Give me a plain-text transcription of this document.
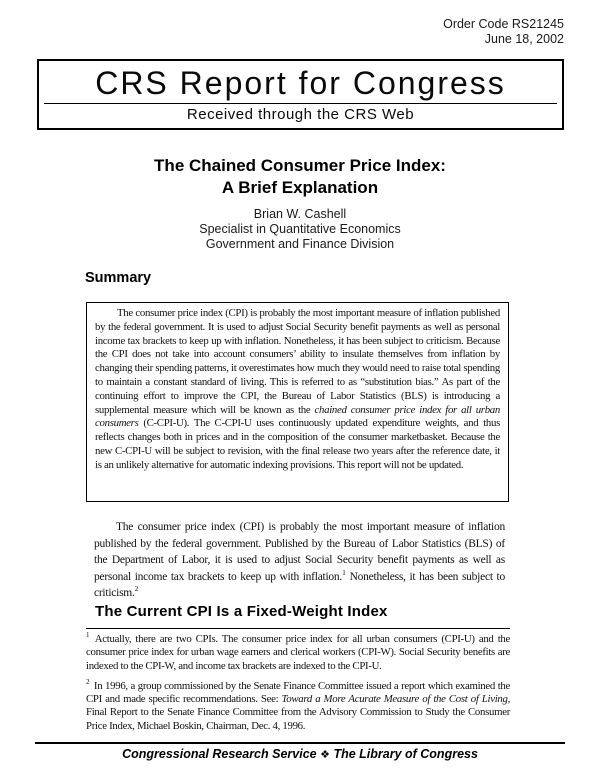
Order Code RS21245
June 18, 2002
CRS Report for Congress
Received through the CRS Web
The Chained Consumer Price Index:
A Brief Explanation
Brian W. Cashell
Specialist in Quantitative Economics
Government and Finance Division
Summary

The consumer price index (CPI) is probably the most important measure of inflation published by the federal government. It is used to adjust Social Security benefit payments as well as personal income tax brackets to keep up with inflation. Nonetheless, it has been subject to criticism. Because the CPI does not take into account consumers’ ability to insulate themselves from inflation by changing their spending patterns, it overestimates how much they would need to raise total spending to maintain a constant standard of living. This is referred to as “substitution bias.” As part of the continuing effort to improve the CPI, the Bureau of Labor Statistics (BLS) is introducing a supplemental measure which will be known as the chained consumer price index for all urban consumers (C-CPI-U). The C-CPI-U uses continuously updated expenditure weights, and thus reflects changes both in prices and in the composition of the consumer marketbasket. Because the new C-CPI-U will be subject to revision, with the final release two years after the reference date, it is an unlikely alternative for automatic indexing provisions. This report will not be updated.

The consumer price index (CPI) is probably the most important measure of inflation published by the federal government. Published by the Bureau of Labor Statistics (BLS) of the Department of Labor, it is used to adjust Social Security benefit payments as well as personal income tax brackets to keep up with inflation.$^1$ Nonetheless, it has been subject to criticism.$^2$

The Current CPI Is a Fixed-Weight Index

$^1$ Actually, there are two CPIs. The consumer price index for all urban consumers (CPI-U) and the consumer price index for urban wage earners and clerical workers (CPI-W). Social Security benefits are indexed to the CPI-W, and income tax brackets are indexed to the CPI-U.

$^2$ In 1996, a group commissioned by the Senate Finance Committee issued a report which examined the CPI and made specific recommendations. See: Toward a More Acurate Measure of the Cost of Living, Final Report to the Senate Finance Committee from the Advisory Commission to Study the Consumer Price Index, Michael Boskin, Chairman, Dec. 4, 1996.

Congressional Research Service ❖ The Library of Congress
